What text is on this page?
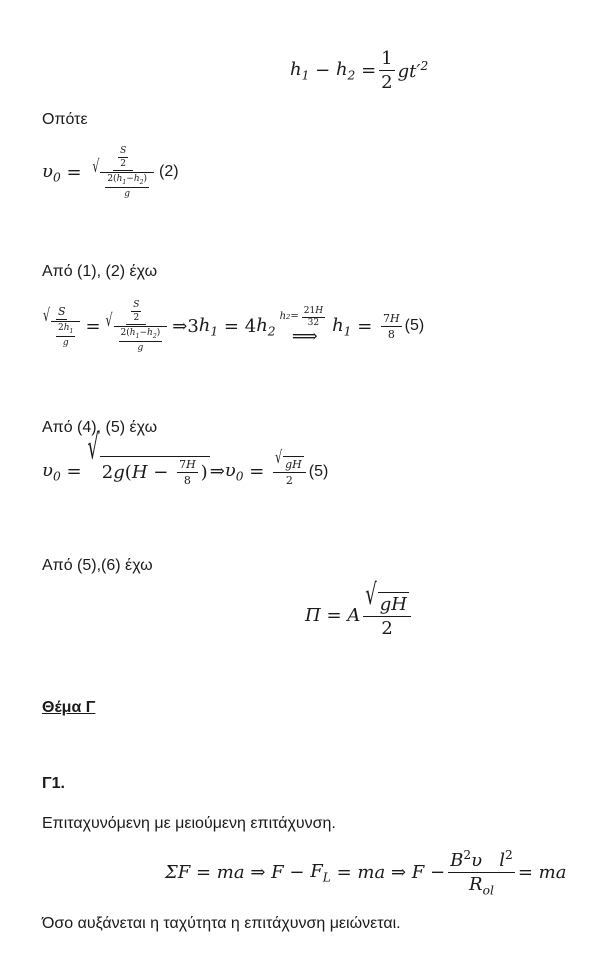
$h_1$
−
$h_2$
= $\frac{1}{2} gt'^2$
Οπότε
$\upsilon_0$
=
$\frac{S}{2}$
√
$\frac{2(h_1-h_2)}{g} (2)$
Από (1), (2) έχω
S
√
$\frac{2h_1}{g} = \frac{S}{2}$
√
$\frac{2(h_1-h_2)}{g}$ ⇒ 3 $h_1$
=
4 $h_2$
h $2 = \frac{21H}{32}$
⟹
$h_1$
=
$\frac{7H}{8} (5)$
Από (4), (5) έχω
$\upsilon_0$
=

√
2 g ( H −
$\frac{7H}{8}$ ) ⇒ $\upsilon_0$
=
$\frac{√ gH}{2} (5)$
Από (5),(6) έχω
Π
=
A $\frac{√ gH}{2}$
Θέμα Γ
Γ1.
Επιταχυνόμενη με μειούμενη επιτάχυνση.
ΣF
=
ma
⇒
F
−
$F_L$
=
ma
⇒
F
− $\frac{B^2\upsilon l^2}{R_{ol}}$ =
ma
Όσο αυξάνεται η ταχύτητα η επιτάχυνση μειώνεται.
